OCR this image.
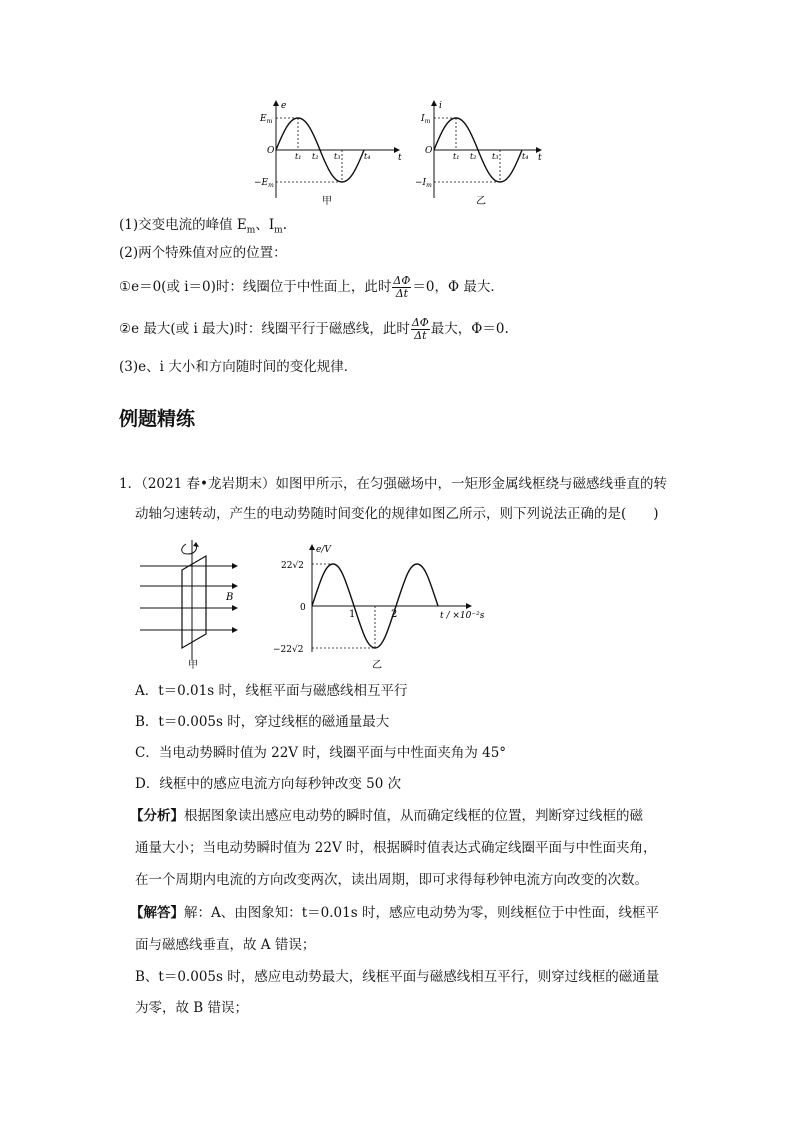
e
$E_m$
$-E_m$
O
t
t₁ t₂ t₃	t₄
甲
i
$I_m$
$-I_m$
O
t
t₁ t₂ t₃	t₄
乙
(1)交变电流的峰值 $E_m$、$I_m$.
(2)两个特殊值对应的位置：
①e＝0(或 i＝0)时：线圈位于中性面上，此时 $\frac{\Delta\Phi}{\Delta t} =0$，Φ 最大．
②e 最大(或 i 最大)时：线圈平行于磁感线，此时 $\frac{\Delta\Phi}{\Delta t}$ 最大，Φ＝0.
(3)e、i 大小和方向随时间的变化规律．
例题精练
1．（2021 春•龙岩期末）如图甲所示，在匀强磁场中，一矩形金属线框绕与磁感线垂直的转
动轴匀速转动，产生的电动势随时间变化的规律如图乙所示，则下列说法正确的是(　　)
B
甲
e/V
22√2
−22√2
0
1	2	t / ×10⁻²s
乙
A．t＝0.01s 时，线框平面与磁感线相互平行
B．t＝0.005s 时，穿过线框的磁通量最大
C．当电动势瞬时值为 22V 时，线圈平面与中性面夹角为 45°
D．线框中的感应电流方向每秒钟改变 50 次
【分析】根据图象读出感应电动势的瞬时值，从而确定线框的位置，判断穿过线框的磁
通量大小；当电动势瞬时值为 22V 时，根据瞬时值表达式确定线圈平面与中性面夹角，
在一个周期内电流的方向改变两次，读出周期，即可求得每秒钟电流方向改变的次数。
【解答】解：A、由图象知：t＝0.01s 时，感应电动势为零，则线框位于中性面，线框平
面与磁感线垂直，故 A 错误；
B、t＝0.005s 时，感应电动势最大，线框平面与磁感线相互平行，则穿过线框的磁通量
为零，故 B 错误；
